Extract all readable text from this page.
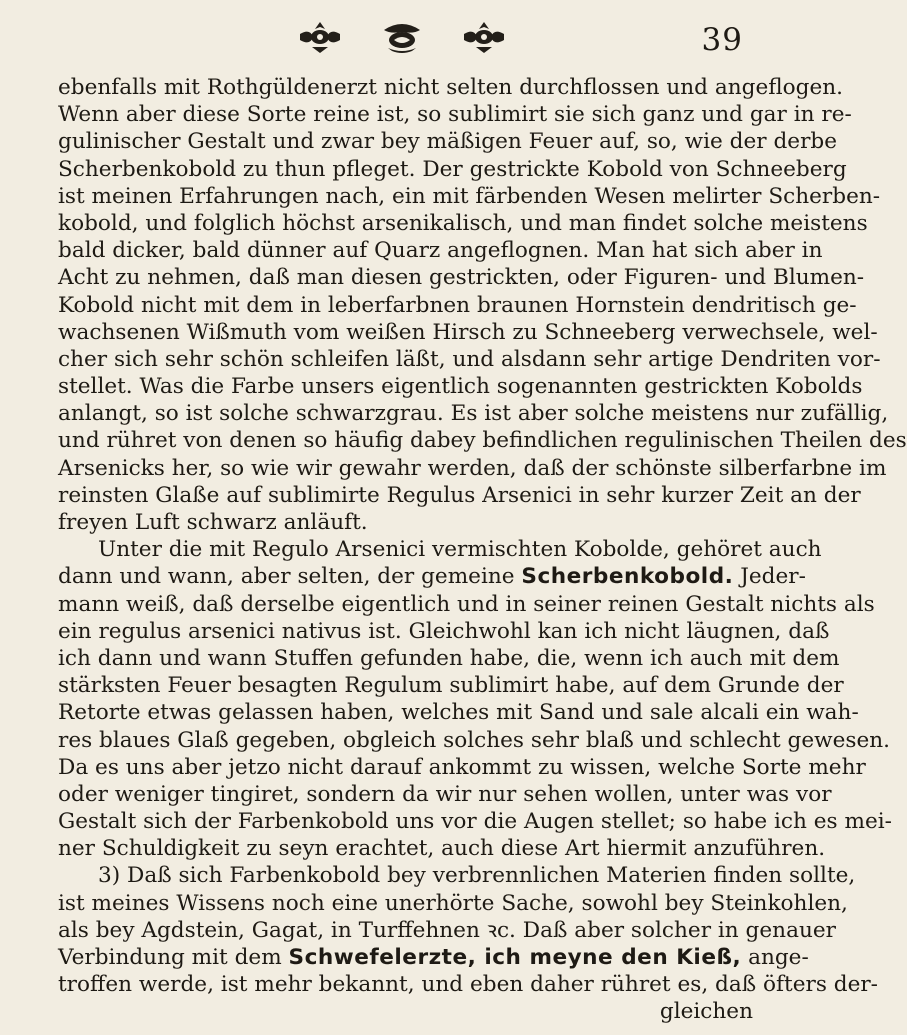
39
ebenfalls mit Rothgüldenerzt nicht selten durchflossen und angeflogen.
Wenn aber diese Sorte reine ist, so sublimirt sie sich ganz und gar in re-
gulinischer Gestalt und zwar bey mäßigen Feuer auf, so, wie der derbe
Scherbenkobold zu thun pfleget. Der gestrickte Kobold von Schneeberg
ist meinen Erfahrungen nach, ein mit färbenden Wesen melirter Scherben-
kobold, und folglich höchst arsenikalisch, und man findet solche meistens
bald dicker, bald dünner auf Quarz angeflognen. Man hat sich aber in
Acht zu nehmen, daß man diesen gestrickten, oder Figuren- und Blumen-
Kobold nicht mit dem in leberfarbnen braunen Hornstein dendritisch ge-
wachsenen Wißmuth vom weißen Hirsch zu Schneeberg verwechsele, wel-
cher sich sehr schön schleifen läßt, und alsdann sehr artige Dendriten vor-
stellet. Was die Farbe unsers eigentlich sogenannten gestrickten Kobolds
anlangt, so ist solche schwarzgrau. Es ist aber solche meistens nur zufällig,
und rühret von denen so häufig dabey befindlichen regulinischen Theilen des
Arsenicks her, so wie wir gewahr werden, daß der schönste silberfarbne im
reinsten Glaße auf sublimirte Regulus Arsenici in sehr kurzer Zeit an der
freyen Luft schwarz anläuft.
Unter die mit Regulo Arsenici vermischten Kobolde, gehöret auch
dann und wann, aber selten, der gemeine Scherbenkobold. Jeder-
mann weiß, daß derselbe eigentlich und in seiner reinen Gestalt nichts als
ein regulus arsenici nativus ist. Gleichwohl kan ich nicht läugnen, daß
ich dann und wann Stuffen gefunden habe, die, wenn ich auch mit dem
stärksten Feuer besagten Regulum sublimirt habe, auf dem Grunde der
Retorte etwas gelassen haben, welches mit Sand und sale alcali ein wah-
res blaues Glaß gegeben, obgleich solches sehr blaß und schlecht gewesen.
Da es uns aber jetzo nicht darauf ankommt zu wissen, welche Sorte mehr
oder weniger tingiret, sondern da wir nur sehen wollen, unter was vor
Gestalt sich der Farbenkobold uns vor die Augen stellet; so habe ich es mei-
ner Schuldigkeit zu seyn erachtet, auch diese Art hiermit anzuführen.
3) Daß sich Farbenkobold bey verbrennlichen Materien finden sollte,
ist meines Wissens noch eine unerhörte Sache, sowohl bey Steinkohlen,
als bey Agdstein, Gagat, in Turffehnen ꝛc. Daß aber solcher in genauer
Verbindung mit dem Schwefelerzte, ich meyne den Kieß, ange-
troffen werde, ist mehr bekannt, und eben daher rühret es, daß öfters der-
gleichen
